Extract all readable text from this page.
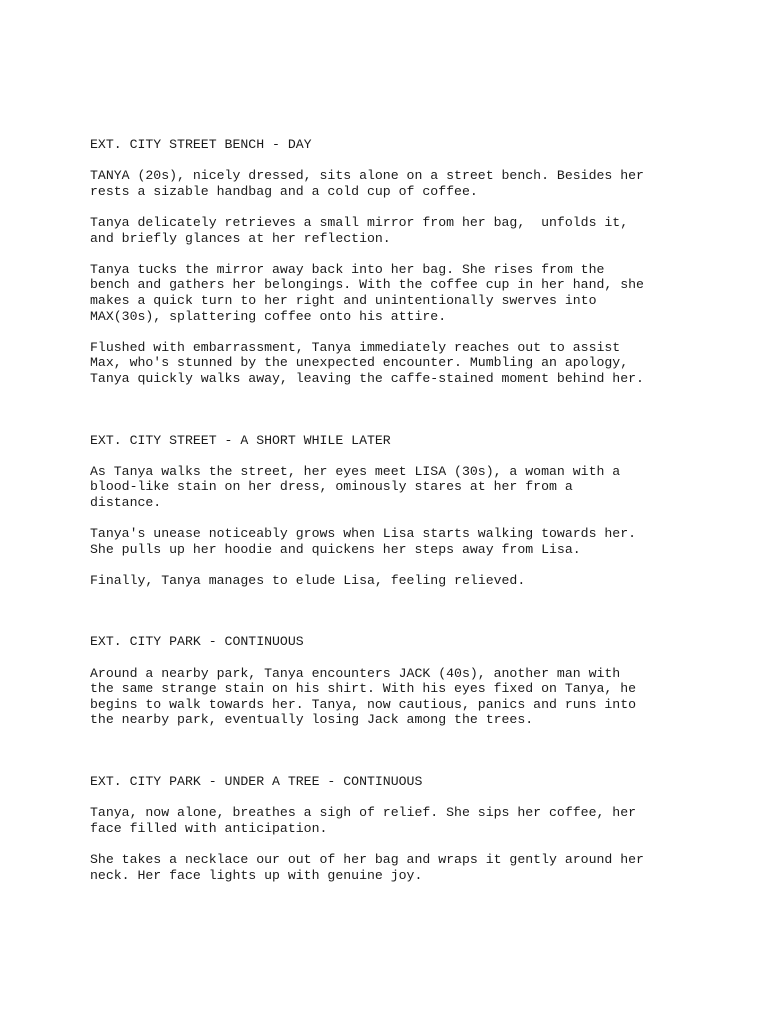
EXT. CITY STREET BENCH - DAY

TANYA (20s), nicely dressed, sits alone on a street bench. Besides her
rests a sizable handbag and a cold cup of coffee.

Tanya delicately retrieves a small mirror from her bag,  unfolds it,
and briefly glances at her reflection.

Tanya tucks the mirror away back into her bag. She rises from the
bench and gathers her belongings. With the coffee cup in her hand, she
makes a quick turn to her right and unintentionally swerves into
MAX(30s), splattering coffee onto his attire.

Flushed with embarrassment, Tanya immediately reaches out to assist
Max, who's stunned by the unexpected encounter. Mumbling an apology,
Tanya quickly walks away, leaving the caffe-stained moment behind her.

EXT. CITY STREET - A SHORT WHILE LATER

As Tanya walks the street, her eyes meet LISA (30s), a woman with a
blood-like stain on her dress, ominously stares at her from a
distance.

Tanya's unease noticeably grows when Lisa starts walking towards her.
She pulls up her hoodie and quickens her steps away from Lisa.

Finally, Tanya manages to elude Lisa, feeling relieved.

EXT. CITY PARK - CONTINUOUS

Around a nearby park, Tanya encounters JACK (40s), another man with
the same strange stain on his shirt. With his eyes fixed on Tanya, he
begins to walk towards her. Tanya, now cautious, panics and runs into
the nearby park, eventually losing Jack among the trees.

EXT. CITY PARK - UNDER A TREE - CONTINUOUS

Tanya, now alone, breathes a sigh of relief. She sips her coffee, her
face filled with anticipation.

She takes a necklace our out of her bag and wraps it gently around her
neck. Her face lights up with genuine joy.
